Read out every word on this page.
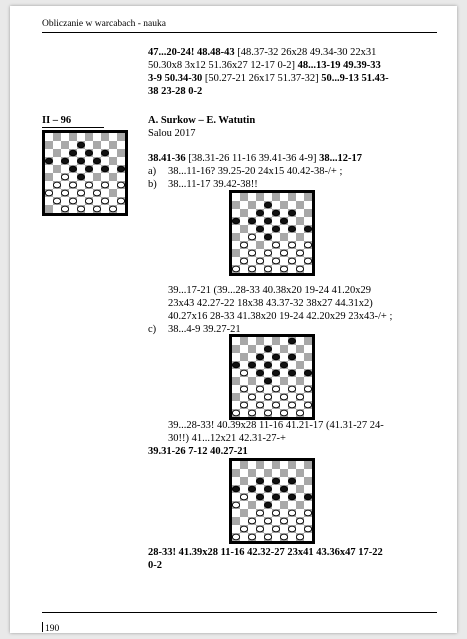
Obliczanie w warcabach - nauka
47...20-24! 48.48-43 [48.37-32 26x28 49.34-30 22x31
50.30x8 3x12 51.36x27 12-17 0-2] 48...13-19 49.39-33
3-9 50.34-30 [50.27-21 26x17 51.37-32] 50...9-13 51.43-
38 23-28 0-2
II – 96	A. Surkow – E. Watutin
Salou 2017
38.41-36 [38.31-26 11-16 39.41-36 4-9] 38...12-17
a) 38...11-16? 39.25-20 24x15 40.42-38-/+ ;
b) 38...11-17 39.42-38!!
39...17-21 (39...28-33 40.38x20 19-24 41.20x29
23x43 42.27-22 18x38 43.37-32 38x27 44.31x2)
40.27x16 28-33 41.38x20 19-24 42.20x29 23x43-/+ ;
c) 38...4-9 39.27-21
39...28-33! 40.39x28 11-16 41.21-17 (41.31-27 24-
30!!) 41...12x21 42.31-27-+
39.31-26 7-12 40.27-21
28-33! 41.39x28 11-16 42.32-27 23x41 43.36x47 17-22
0-2
190
